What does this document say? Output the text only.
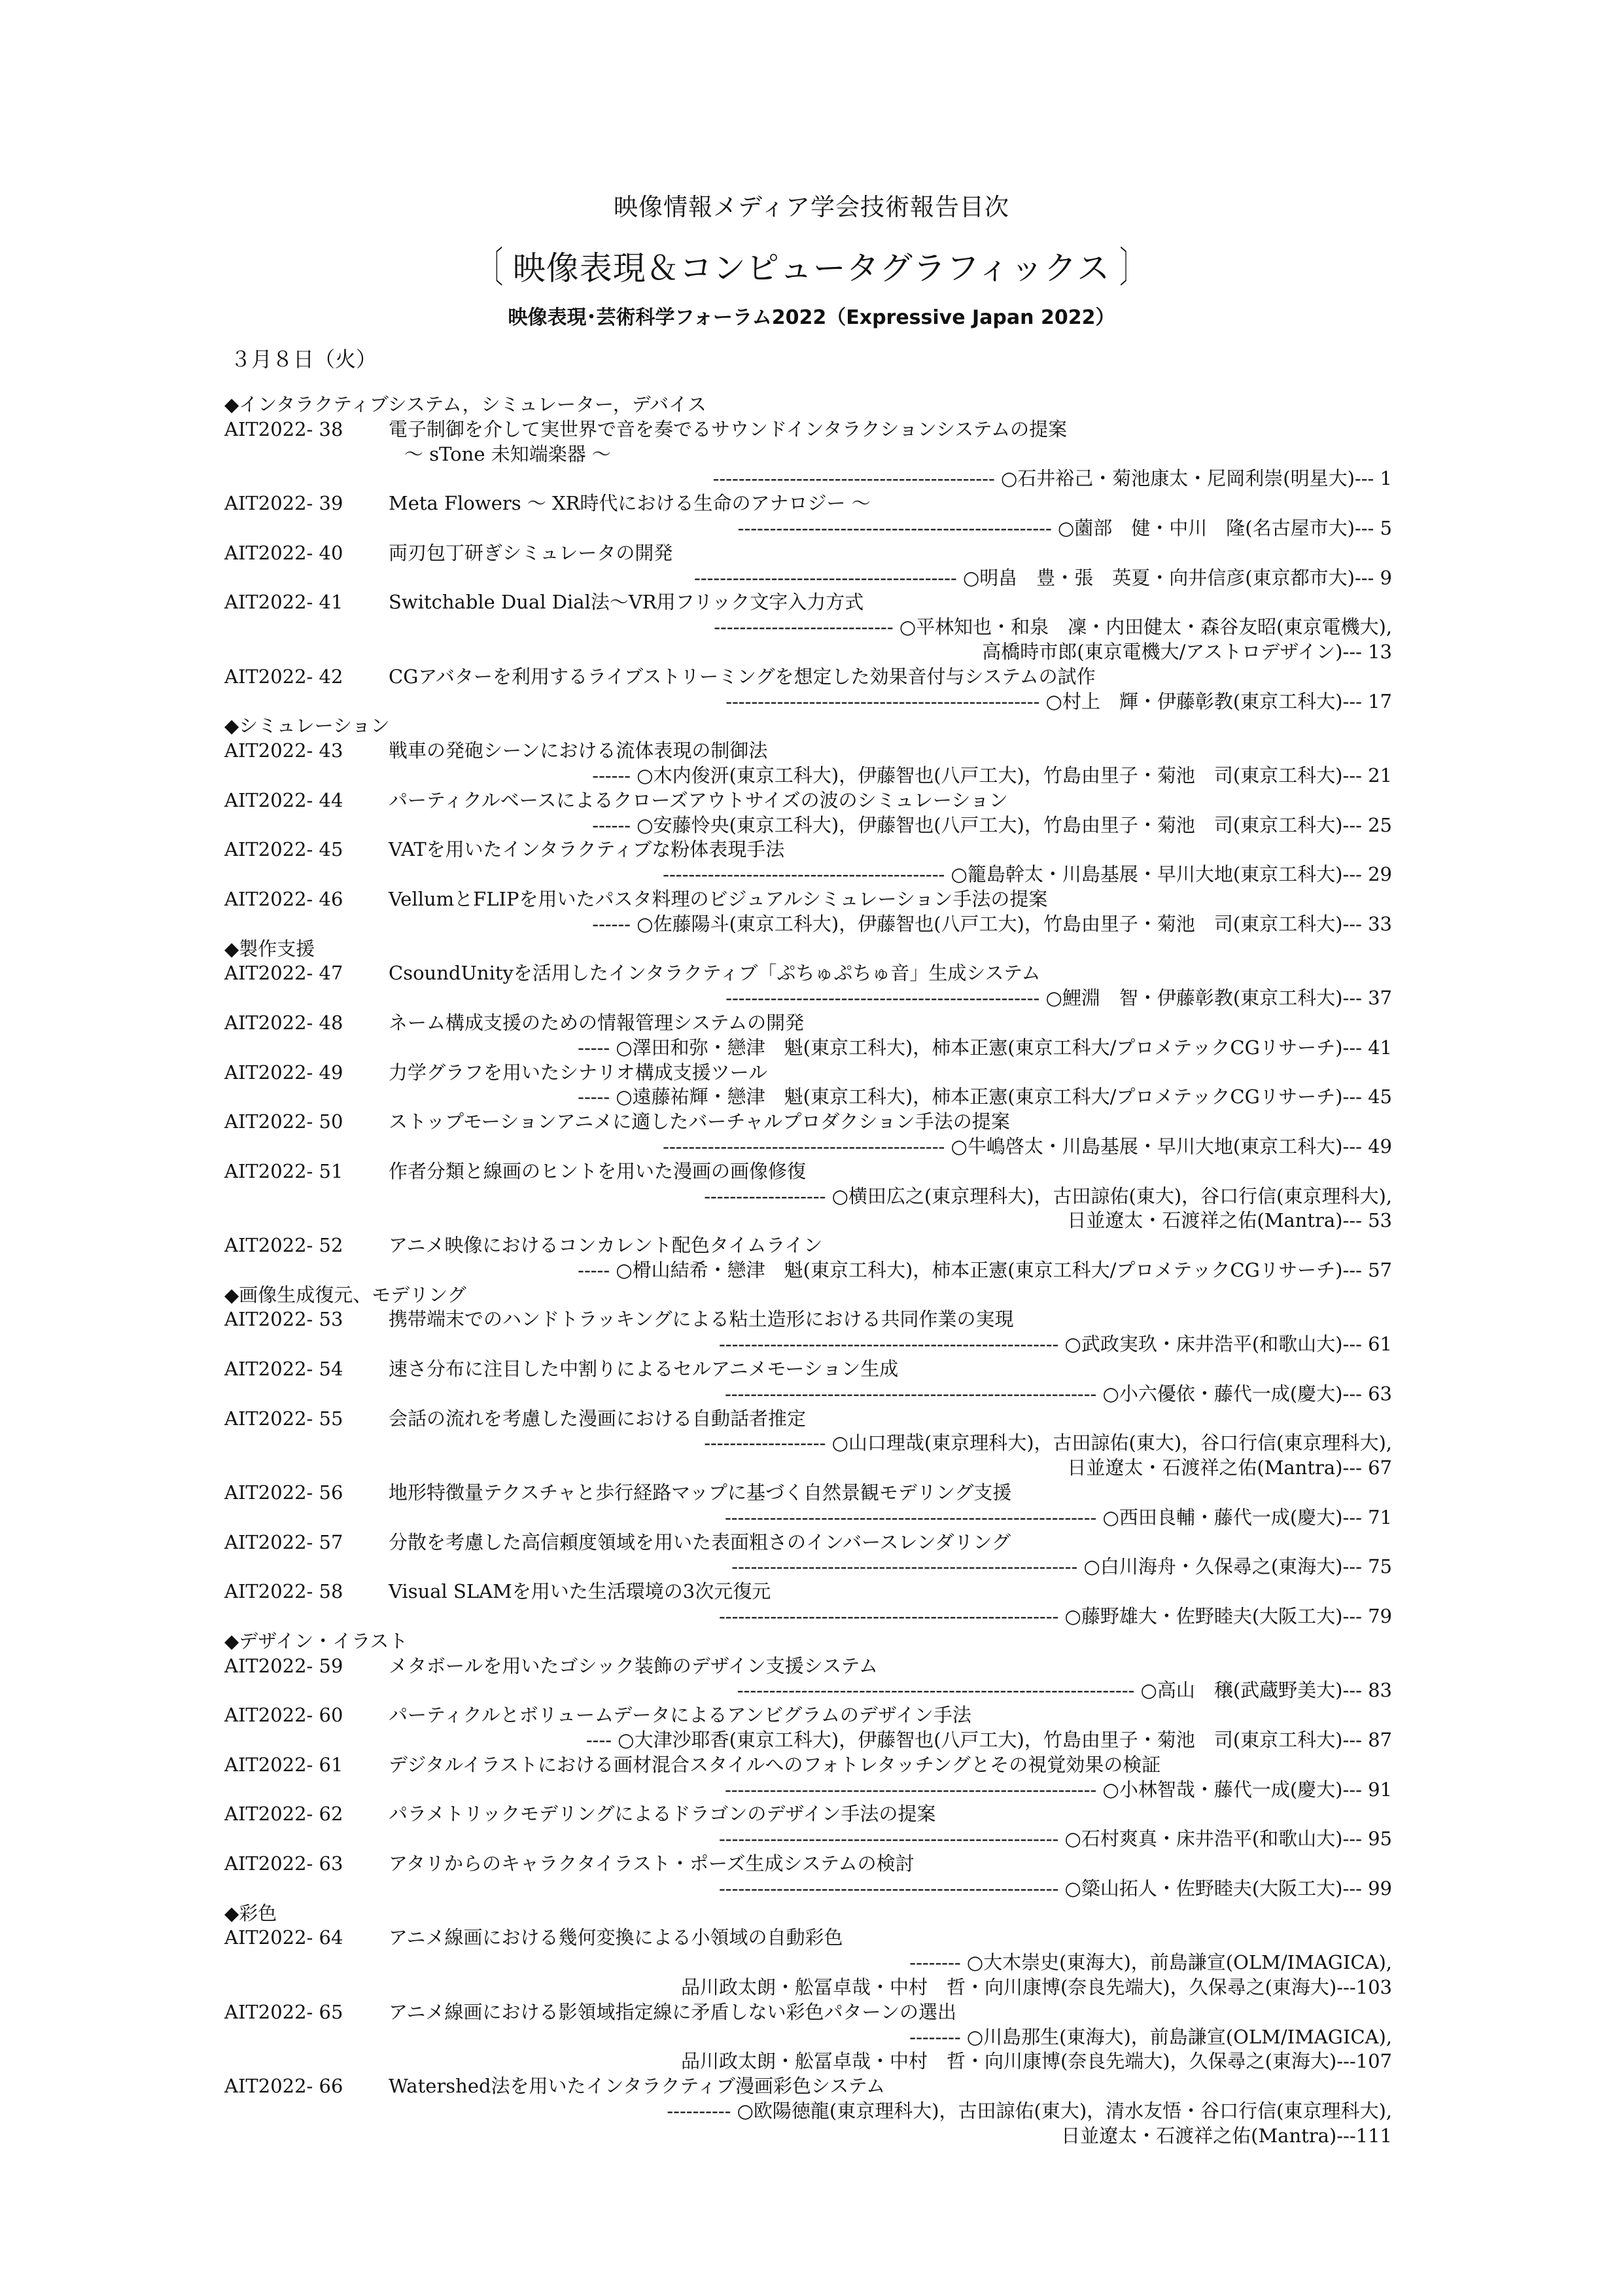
映像情報メディア学会技術報告目次
〔 映像表現＆コンピュータグラフィックス 〕
映像表現･芸術科学フォーラム2022（Expressive Japan 2022）
３月８日（火）
◆インタラクティブシステム，シミュレーター，デバイス
AIT2022- 38 電子制御を介して実世界で音を奏でるサウンドインタラクションシステムの提案
～ sTone 未知端楽器 ～
-------------------------------------------- ○石井裕己・菊池康太・尼岡利崇(明星大)--- 1
AIT2022- 39 Meta Flowers ～ XR時代における生命のアナロジー ～
------------------------------------------------- ○薗部　健・中川　隆(名古屋市大)--- 5
AIT2022- 40 両刃包丁研ぎシミュレータの開発
----------------------------------------- ○明畠　豊・張　英夏・向井信彦(東京都市大)--- 9
AIT2022- 41 Switchable Dual Dial法～VR用フリック文字入力方式
---------------------------- ○平林知也・和泉　凜・内田健太・森谷友昭(東京電機大),
高橋時市郎(東京電機大/アストロデザイン)--- 13
AIT2022- 42 CGアバターを利用するライブストリーミングを想定した効果音付与システムの試作
------------------------------------------------- ○村上　輝・伊藤彰教(東京工科大)--- 17
◆シミュレーション
AIT2022- 43 戦車の発砲シーンにおける流体表現の制御法
------ ○木内俊汧(東京工科大)，伊藤智也(八戸工大)，竹島由里子・菊池　司(東京工科大)--- 21
AIT2022- 44 パーティクルベースによるクローズアウトサイズの波のシミュレーション
------ ○安藤怜央(東京工科大)，伊藤智也(八戸工大)，竹島由里子・菊池　司(東京工科大)--- 25
AIT2022- 45 VATを用いたインタラクティブな粉体表現手法
-------------------------------------------- ○籠島幹太・川島基展・早川大地(東京工科大)--- 29
AIT2022- 46 VellumとFLIPを用いたパスタ料理のビジュアルシミュレーション手法の提案
------ ○佐藤陽斗(東京工科大)，伊藤智也(八戸工大)，竹島由里子・菊池　司(東京工科大)--- 33
◆製作支援
AIT2022- 47 CsoundUnityを活用したインタラクティブ「ぷちゅぷちゅ音」生成システム
------------------------------------------------- ○鯉淵　智・伊藤彰教(東京工科大)--- 37
AIT2022- 48 ネーム構成支援のための情報管理システムの開発
----- ○澤田和弥・戀津　魁(東京工科大)，柿本正憲(東京工科大/プロメテックCGリサーチ)--- 41
AIT2022- 49 力学グラフを用いたシナリオ構成支援ツール
----- ○遠藤祐輝・戀津　魁(東京工科大)，柿本正憲(東京工科大/プロメテックCGリサーチ)--- 45
AIT2022- 50 ストップモーションアニメに適したバーチャルプロダクション手法の提案
-------------------------------------------- ○牛嶋啓太・川島基展・早川大地(東京工科大)--- 49
AIT2022- 51 作者分類と線画のヒントを用いた漫画の画像修復
------------------- ○横田広之(東京理科大)，古田諒佑(東大)，谷口行信(東京理科大),
日並遼太・石渡祥之佑(Mantra)--- 53
AIT2022- 52 アニメ映像におけるコンカレント配色タイムライン
----- ○榾山結希・戀津　魁(東京工科大)，柿本正憲(東京工科大/プロメテックCGリサーチ)--- 57
◆画像生成復元、モデリング
AIT2022- 53 携帯端末でのハンドトラッキングによる粘土造形における共同作業の実現
----------------------------------------------------- ○武政実玖・床井浩平(和歌山大)--- 61
AIT2022- 54 速さ分布に注目した中割りによるセルアニメモーション生成
---------------------------------------------------------- ○小六優依・藤代一成(慶大)--- 63
AIT2022- 55 会話の流れを考慮した漫画における自動話者推定
------------------- ○山口理哉(東京理科大)，古田諒佑(東大)，谷口行信(東京理科大),
日並遼太・石渡祥之佑(Mantra)--- 67
AIT2022- 56 地形特徴量テクスチャと歩行経路マップに基づく自然景観モデリング支援
---------------------------------------------------------- ○西田良輔・藤代一成(慶大)--- 71
AIT2022- 57 分散を考慮した高信頼度領域を用いた表面粗さのインバースレンダリング
------------------------------------------------------ ○白川海舟・久保尋之(東海大)--- 75
AIT2022- 58 Visual SLAMを用いた生活環境の3次元復元
----------------------------------------------------- ○藤野雄大・佐野睦夫(大阪工大)--- 79
◆デザイン・イラスト
AIT2022- 59 メタボールを用いたゴシック装飾のデザイン支援システム
-------------------------------------------------------------- ○高山　穣(武蔵野美大)--- 83
AIT2022- 60 パーティクルとボリュームデータによるアンビグラムのデザイン手法
---- ○大津沙耶香(東京工科大)，伊藤智也(八戸工大)，竹島由里子・菊池　司(東京工科大)--- 87
AIT2022- 61 デジタルイラストにおける画材混合スタイルへのフォトレタッチングとその視覚効果の検証
---------------------------------------------------------- ○小林智哉・藤代一成(慶大)--- 91
AIT2022- 62 パラメトリックモデリングによるドラゴンのデザイン手法の提案
----------------------------------------------------- ○石村爽真・床井浩平(和歌山大)--- 95
AIT2022- 63 アタリからのキャラクタイラスト・ポーズ生成システムの検討
----------------------------------------------------- ○簗山拓人・佐野睦夫(大阪工大)--- 99
◆彩色
AIT2022- 64 アニメ線画における幾何変換による小領域の自動彩色
-------- ○大木崇史(東海大)，前島謙宣(OLM/IMAGICA),
品川政太朗・舩冨卓哉・中村　哲・向川康博(奈良先端大)，久保尋之(東海大)---103
AIT2022- 65 アニメ線画における影領域指定線に矛盾しない彩色パターンの選出
-------- ○川島那生(東海大)，前島謙宣(OLM/IMAGICA),
品川政太朗・舩冨卓哉・中村　哲・向川康博(奈良先端大)，久保尋之(東海大)---107
AIT2022- 66 Watershed法を用いたインタラクティブ漫画彩色システム
---------- ○欧陽徳龍(東京理科大)，古田諒佑(東大)，清水友悟・谷口行信(東京理科大),
日並遼太・石渡祥之佑(Mantra)---111
